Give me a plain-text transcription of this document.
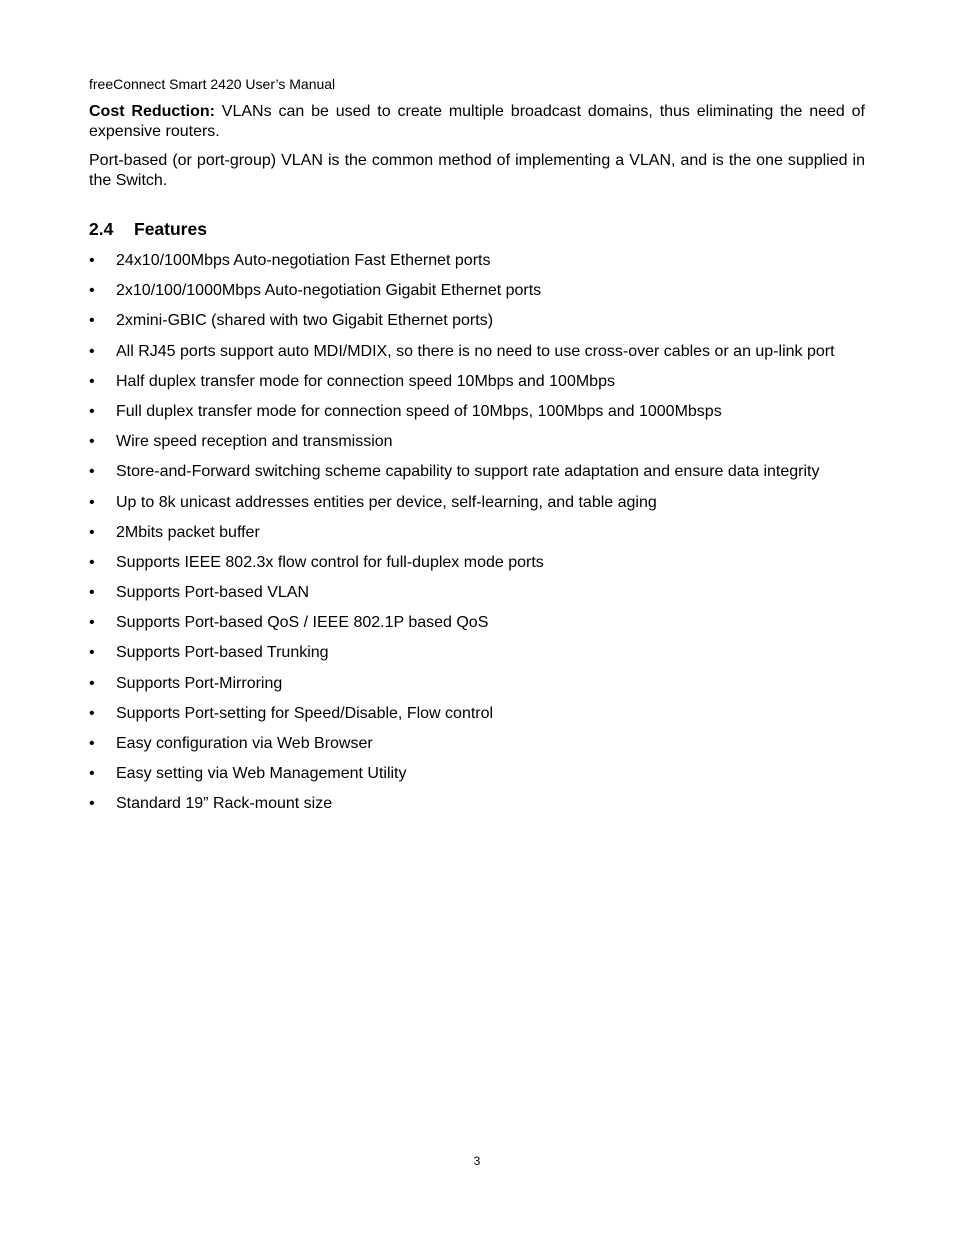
freeConnect Smart 2420 User’s Manual

Cost Reduction: VLANs can be used to create multiple broadcast domains, thus eliminating the need of expensive routers.

Port-based (or port-group) VLAN is the common method of implementing a VLAN, and is the one supplied in the Switch.

2.4 Features
• 24x10/100Mbps Auto-negotiation Fast Ethernet ports
• 2x10/100/1000Mbps Auto-negotiation Gigabit Ethernet ports
• 2xmini-GBIC (shared with two Gigabit Ethernet ports)
• All RJ45 ports support auto MDI/MDIX, so there is no need to use cross-over cables or an up-link port
• Half duplex transfer mode for connection speed 10Mbps and 100Mbps
• Full duplex transfer mode for connection speed of 10Mbps, 100Mbps and 1000Mbsps
• Wire speed reception and transmission
• Store-and-Forward switching scheme capability to support rate adaptation and ensure data integrity
• Up to 8k unicast addresses entities per device, self-learning, and table aging
• 2Mbits packet buffer
• Supports IEEE 802.3x flow control for full-duplex mode ports
• Supports Port-based VLAN
• Supports Port-based QoS / IEEE 802.1P based QoS
• Supports Port-based Trunking
• Supports Port-Mirroring
• Supports Port-setting for Speed/Disable, Flow control
• Easy configuration via Web Browser
• Easy setting via Web Management Utility
• Standard 19” Rack-mount size
3
